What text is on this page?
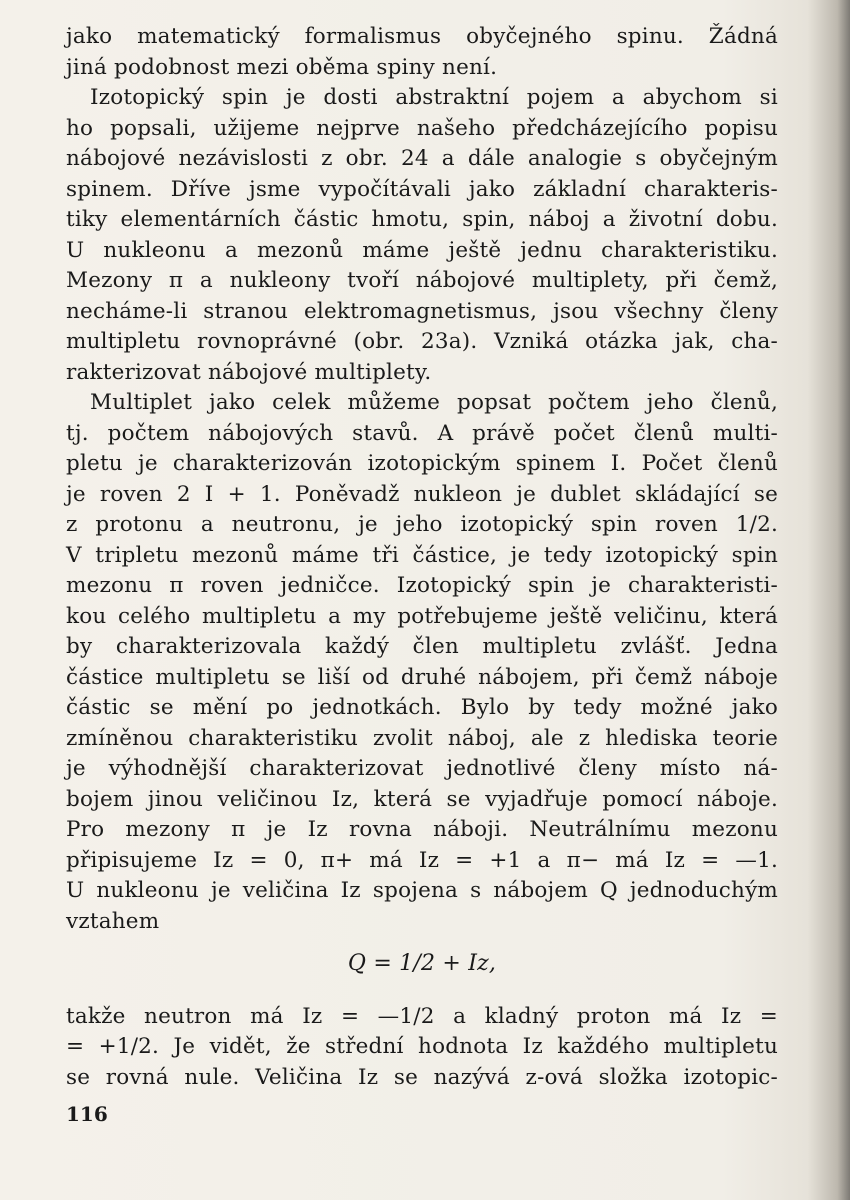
jako matematický formalismus obyčejného spinu. Žádná
jiná podobnost mezi oběma spiny není.
Izotopický spin je dosti abstraktní pojem a abychom si
ho popsali, užijeme nejprve našeho předcházejícího popisu
nábojové nezávislosti z obr. 24 a dále analogie s obyčejným
spinem. Dříve jsme vypočítávali jako základní charakteris-
tiky elementárních částic hmotu, spin, náboj a životní dobu.
U nukleonu a mezonů máme ještě jednu charakteristiku.
Mezony π a nukleony tvoří nábojové multiplety, při čemž,
necháme-li stranou elektromagnetismus, jsou všechny členy
multipletu rovnoprávné (obr. 23a). Vzniká otázka jak, cha-
rakterizovat nábojové multiplety.
Multiplet jako celek můžeme popsat počtem jeho členů,
tj. počtem nábojových stavů. A právě počet členů multi-
pletu je charakterizován izotopickým spinem I. Počet členů
je roven 2 I + 1. Poněvadž nukleon je dublet skládající se
z protonu a neutronu, je jeho izotopický spin roven 1/2.
V tripletu mezonů máme tři částice, je tedy izotopický spin
mezonu π roven jedničce. Izotopický spin je charakteristi-
kou celého multipletu a my potřebujeme ještě veličinu, která
by charakterizovala každý člen multipletu zvlášť. Jedna
částice multipletu se liší od druhé nábojem, při čemž náboje
částic se mění po jednotkách. Bylo by tedy možné jako
zmíněnou charakteristiku zvolit náboj, ale z hlediska teorie
je výhodnější charakterizovat jednotlivé členy místo ná-
bojem jinou veličinou Iz, která se vyjadřuje pomocí náboje.
Pro mezony π je Iz rovna náboji. Neutrálnímu mezonu
připisujeme Iz = 0, π+ má Iz = +1 a π− má Iz = —1.
U nukleonu je veličina Iz spojena s nábojem Q jednoduchým
vztahem
Q = 1/2 + Iz,
takže neutron má Iz = —1/2 a kladný proton má Iz =
= +1/2. Je vidět, že střední hodnota Iz každého multipletu
se rovná nule. Veličina Iz se nazývá z-ová složka izotopic-
116
